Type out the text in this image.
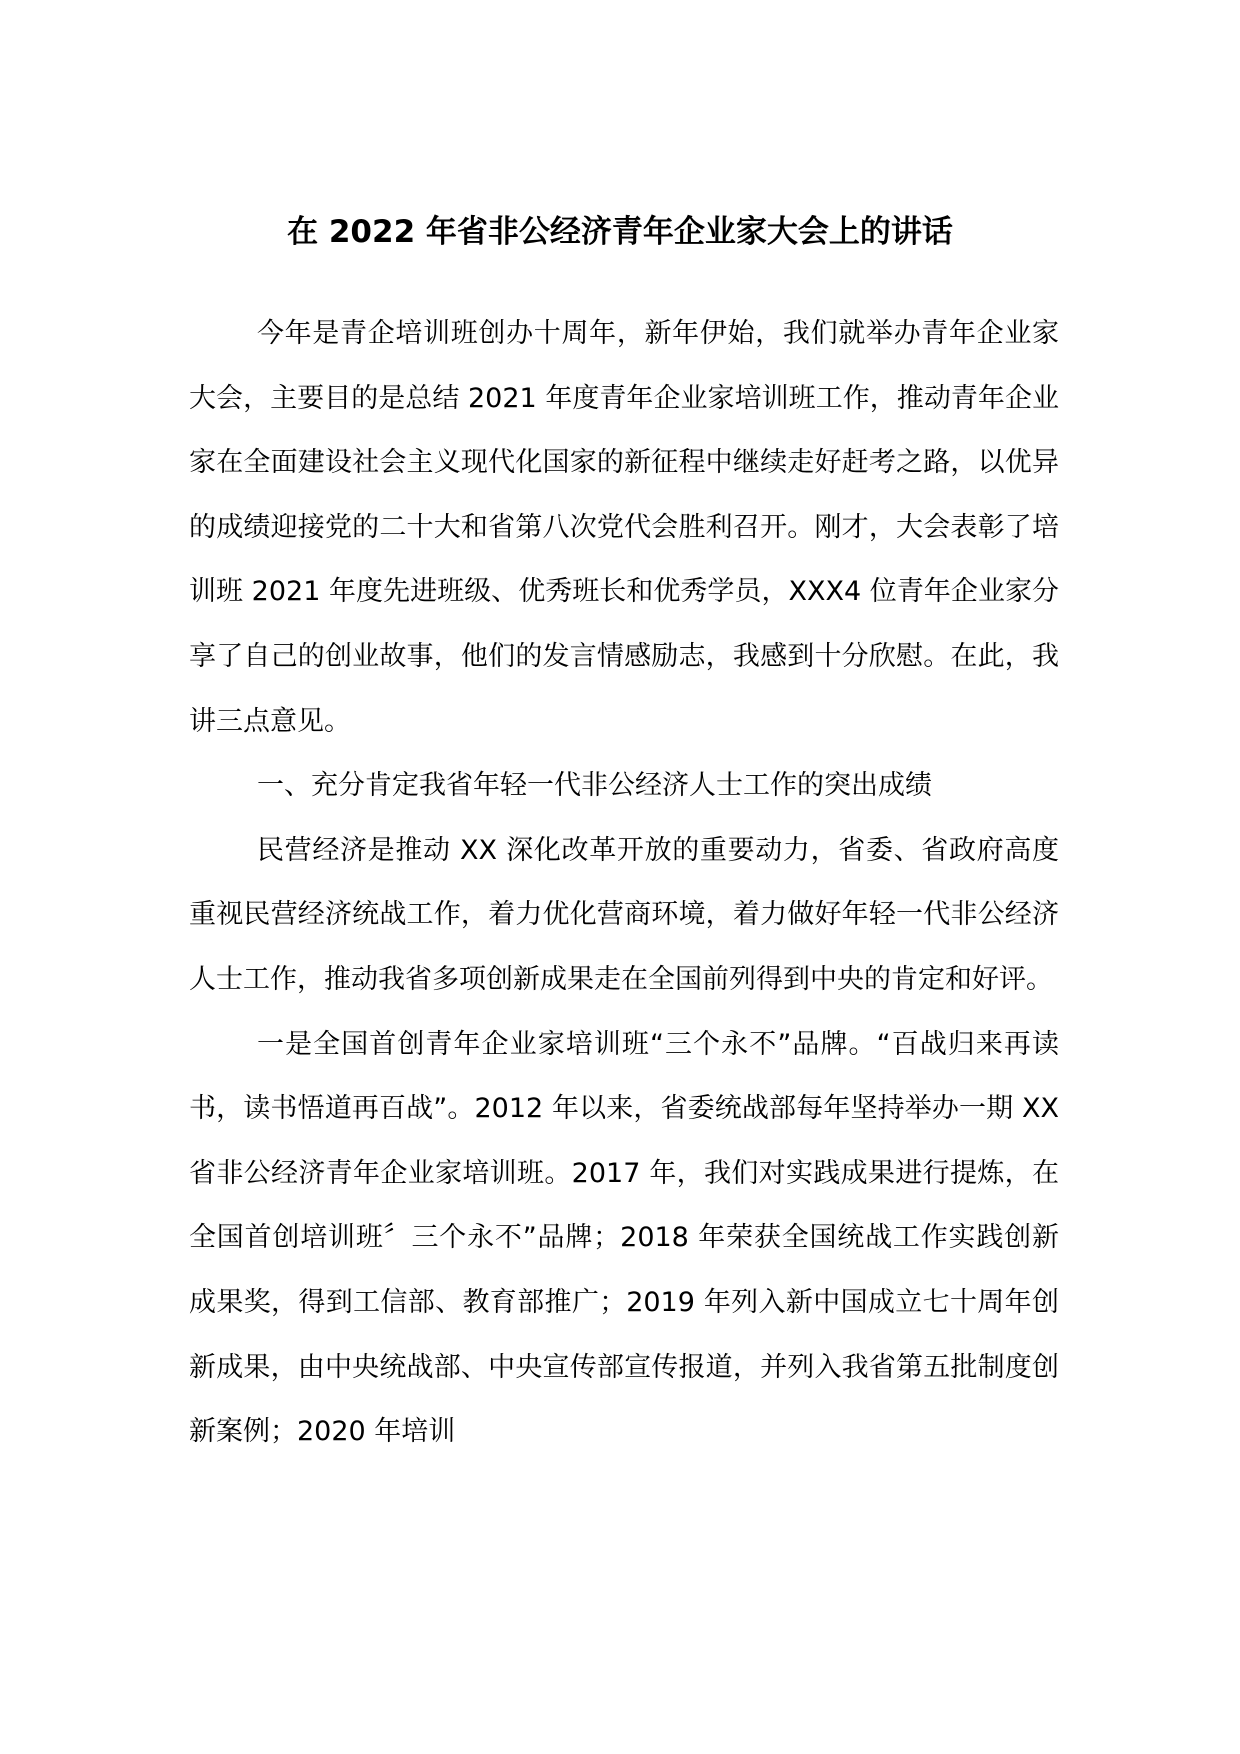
在 2022 年省非公经济青年企业家大会上的讲话

今年是青企培训班创办十周年，新年伊始，我们就举办青年企业家大会，主要目的是总结 2021 年度青年企业家培训班工作，推动青年企业家在全面建设社会主义现代化国家的新征程中继续走好赶考之路，以优异的成绩迎接党的二十大和省第八次党代会胜利召开。刚才，大会表彰了培训班 2021 年度先进班级、优秀班长和优秀学员，XXX4 位青年企业家分享了自己的创业故事，他们的发言情感励志，我感到十分欣慰。在此，我讲三点意见。

一、充分肯定我省年轻一代非公经济人士工作的突出成绩

民营经济是推动 XX 深化改革开放的重要动力，省委、省政府高度重视民营经济统战工作，着力优化营商环境，着力做好年轻一代非公经济人士工作，推动我省多项创新成果走在全国前列得到中央的肯定和好评。

一是全国首创青年企业家培训班“三个永不”品牌。“百战归来再读书，读书悟道再百战”。2012 年以来，省委统战部每年坚持举办一期 XX 省非公经济青年企业家培训班。2017 年，我们对实践成果进行提炼，在全国首创培训班〞三个永不”品牌；2018 年荣获全国统战工作实践创新成果奖，得到工信部、教育部推广；2019 年列入新中国成立七十周年创新成果，由中央统战部、中央宣传部宣传报道，并列入我省第五批制度创新案例；2020 年培训
